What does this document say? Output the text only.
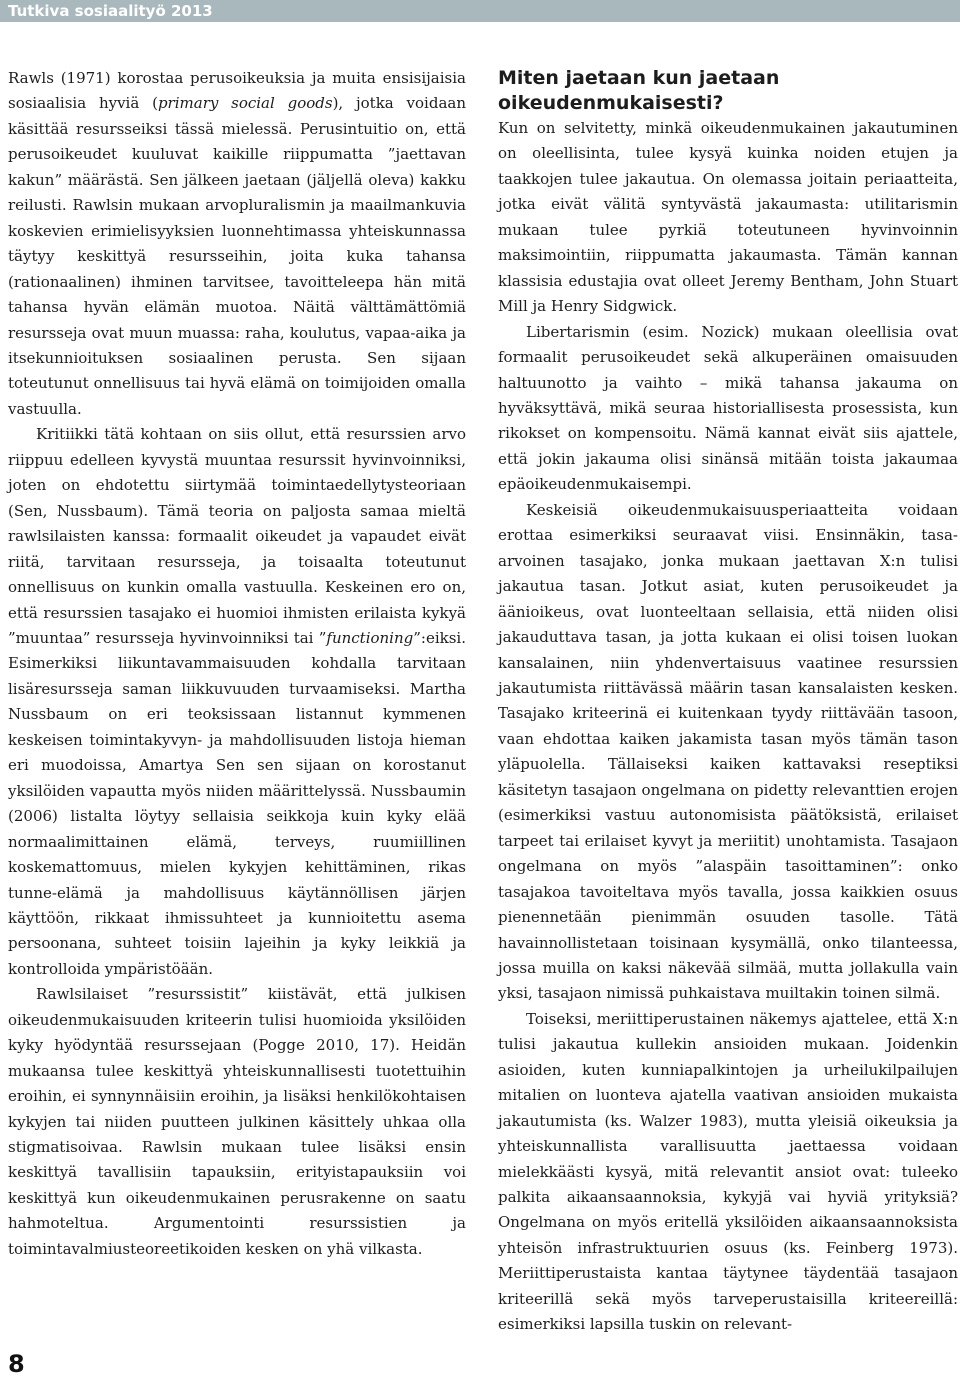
Tutkiva sosiaalityö 2013

Rawls (1971) korostaa perusoikeuksia ja muita ensisijaisia sosiaalisia hyviä (primary social goods), jotka voidaan käsittää resursseiksi tässä mielessä. Perusintuitio on, että perusoikeudet kuuluvat kaikille riippumatta ”jaettavan kakun” määrästä. Sen jälkeen jaetaan (jäljellä oleva) kakku reilusti. Rawlsin mukaan arvopluralismin ja maailmankuvia koskevien erimielisyyksien luonnehtimassa yhteiskunnassa täytyy keskittyä resursseihin, joita kuka tahansa (rationaalinen) ihminen tarvitsee, tavoitteleepa hän mitä tahansa hyvän elämän muotoa. Näitä välttämättömiä resursseja ovat muun muassa: raha, koulutus, vapaa-aika ja itsekunnioituksen sosiaalinen perusta. Sen sijaan toteutunut onnellisuus tai hyvä elämä on toimijoiden omalla vastuulla.

Kritiikki tätä kohtaan on siis ollut, että resurssien arvo riippuu edelleen kyvystä muuntaa resurssit hyvinvoinniksi, joten on ehdotettu siirtymää toimintaedellytysteoriaan (Sen, Nussbaum). Tämä teoria on paljosta samaa mieltä rawlsilaisten kanssa: formaalit oikeudet ja vapaudet eivät riitä, tarvitaan resursseja, ja toisaalta toteutunut onnellisuus on kunkin omalla vastuulla. Keskeinen ero on, että resurssien tasajako ei huomioi ihmisten erilaista kykyä ”muuntaa” resursseja hyvinvoinniksi tai ”functioning”:eiksi. Esimerkiksi liikuntavammaisuuden kohdalla tarvitaan lisäresursseja saman liikkuvuuden turvaamiseksi. Martha Nussbaum on eri teoksissaan listannut kymmenen keskeisen toimintakyvyn- ja mahdollisuuden listoja hieman eri muodoissa, Amartya Sen sen sijaan on korostanut yksilöiden vapautta myös niiden määrittelyssä. Nussbaumin (2006) listalta löytyy sellaisia seikkoja kuin kyky elää normaalimittainen elämä, terveys, ruumiillinen koskemattomuus, mielen kykyjen kehittäminen, rikas tunne-elämä ja mahdollisuus käytännöllisen järjen käyttöön, rikkaat ihmissuhteet ja kunnioitettu asema persoonana, suhteet toisiin lajeihin ja kyky leikkiä ja kontrolloida ympäristöään.

Rawlsilaiset ”resurssistit” kiistävät, että julkisen oikeudenmukaisuuden kriteerin tulisi huomioida yksilöiden kyky hyödyntää resurssejaan (Pogge 2010, 17). Heidän mukaansa tulee keskittyä yhteiskunnallisesti tuotettuihin eroihin, ei synnynnäisiin eroihin, ja lisäksi henkilökohtaisen kykyjen tai niiden puutteen julkinen käsittely uhkaa olla stigmatisoivaa. Rawlsin mukaan tulee lisäksi ensin keskittyä tavallisiin tapauksiin, erityistapauksiin voi keskittyä kun oikeudenmukainen perusrakenne on saatu hahmoteltua. Argumentointi resurssistien ja toimintavalmiusteoreetikoiden kesken on yhä vilkasta.

Miten jaetaan kun jaetaan oikeudenmukaisesti?

Kun on selvitetty, minkä oikeudenmukainen jakautuminen on oleellisinta, tulee kysyä kuinka noiden etujen ja taakkojen tulee jakautua. On olemassa joitain periaatteita, jotka eivät välitä syntyvästä jakaumasta: utilitarismin mukaan tulee pyrkiä toteutuneen hyvinvoinnin maksimointiin, riippumatta jakaumasta. Tämän kannan klassisia edustajia ovat olleet Jeremy Bentham, John Stuart Mill ja Henry Sidgwick.

Libertarismin (esim. Nozick) mukaan oleellisia ovat formaalit perusoikeudet sekä alkuperäinen omaisuuden haltuunotto ja vaihto – mikä tahansa jakauma on hyväksyttävä, mikä seuraa historiallisesta prosessista, kun rikokset on kompensoitu. Nämä kannat eivät siis ajattele, että jokin jakauma olisi sinänsä mitään toista jakaumaa epäoikeudenmukaisempi.

Keskeisiä oikeudenmukaisuusperiaatteita voidaan erottaa esimerkiksi seuraavat viisi. Ensinnäkin, tasa-arvoinen tasajako, jonka mukaan jaettavan X:n tulisi jakautua tasan. Jotkut asiat, kuten perusoikeudet ja äänioikeus, ovat luonteeltaan sellaisia, että niiden olisi jakauduttava tasan, ja jotta kukaan ei olisi toisen luokan kansalainen, niin yhdenvertaisuus vaatinee resurssien jakautumista riittävässä määrin tasan kansalaisten kesken. Tasajako kriteerinä ei kuitenkaan tyydy riittävään tasoon, vaan ehdottaa kaiken jakamista tasan myös tämän tason yläpuolella. Tällaiseksi kaiken kattavaksi reseptiksi käsitetyn tasajaon ongelmana on pidetty relevanttien erojen (esimerkiksi vastuu autonomisista päätöksistä, erilaiset tarpeet tai erilaiset kyvyt ja meriitit) unohtamista. Tasajaon ongelmana on myös ”alaspäin tasoittaminen”: onko tasajakoa tavoiteltava myös tavalla, jossa kaikkien osuus pienennetään pienimmän osuuden tasolle. Tätä havainnollistetaan toisinaan kysymällä, onko tilanteessa, jossa muilla on kaksi näkevää silmää, mutta jollakulla vain yksi, tasajaon nimissä puhkaistava muiltakin toinen silmä.

Toiseksi, meriittiperustainen näkemys ajattelee, että X:n tulisi jakautua kullekin ansioiden mukaan. Joidenkin asioiden, kuten kunniapalkintojen ja urheilukilpailujen mitalien on luonteva ajatella vaativan ansioiden mukaista jakautumista (ks. Walzer 1983), mutta yleisiä oikeuksia ja yhteiskunnallista varallisuutta jaettaessa voidaan mielekkäästi kysyä, mitä relevantit ansiot ovat: tuleeko palkita aikaansaannoksia, kykyjä vai hyviä yrityksiä? Ongelmana on myös eritellä yksilöiden aikaansaannoksista yhteisön infrastruktuurien osuus (ks. Feinberg 1973). Meriittiperustaista kantaa täytynee täydentää tasajaon kriteerillä sekä myös tarveperustaisilla kriteereillä: esimerkiksi lapsilla tuskin on relevant-

8
